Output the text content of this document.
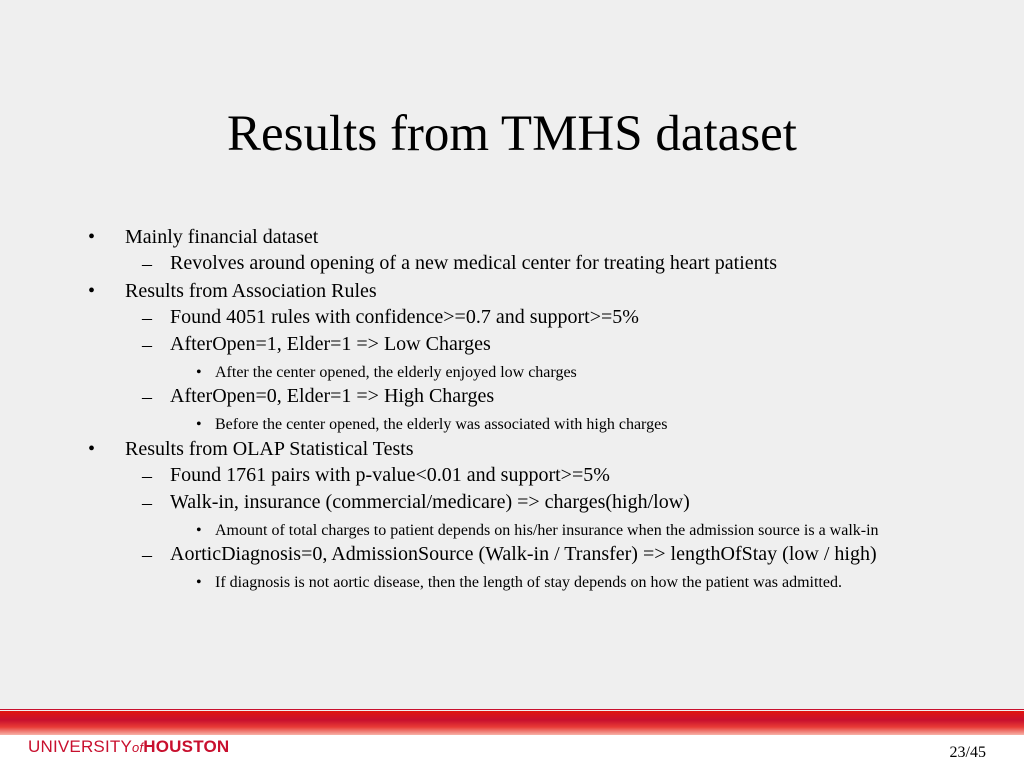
Results from TMHS dataset
• Mainly financial dataset
– Revolves around opening of a new medical center for treating heart patients
• Results from Association Rules
– Found 4051 rules with confidence>=0.7 and support>=5%
– AfterOpen=1, Elder=1 => Low Charges
• After the center opened, the elderly enjoyed low charges
– AfterOpen=0, Elder=1 => High Charges
• Before the center opened, the elderly was associated with high charges
• Results from OLAP Statistical Tests
– Found 1761 pairs with p-value<0.01 and support>=5%
– Walk-in, insurance (commercial/medicare) => charges(high/low)
• Amount of total charges to patient depends on his/her insurance when the admission source is a walk-in
– AorticDiagnosis=0, AdmissionSource (Walk-in / Transfer) => lengthOfStay (low / high)
• If diagnosis is not aortic disease, then the length of stay depends on how the patient was admitted.
UNIVERSITYofHOUSTON	23/45
